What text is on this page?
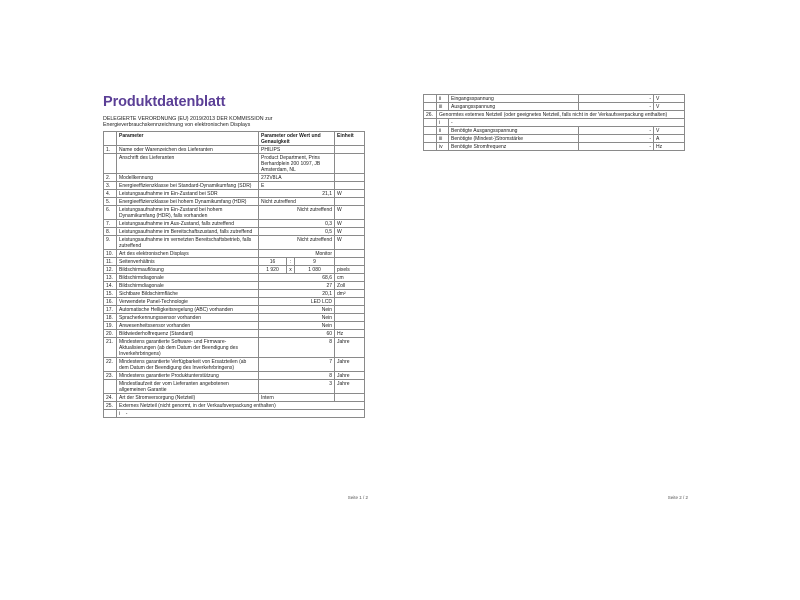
Produktdatenblatt
DELEGIERTE VERORDNUNG (EU) 2019/2013 DER KOMMISSION zur Energieverbrauchskennzeichnung von elektronischen Displays
	Parameter	Parameter oder Wert und Genauigkeit			Einheit
1.	Name oder Warenzeichen des Lieferanten	PHILIPS			
	Anschrift des Lieferanten	Product Department, Prins Berhardplein 200 1097, JB Amsterdam, NL			
2.	Modellkennung	272V8LA			
3.	Energieeffizienzklasse bei Standard-Dynamikumfang (SDR)	E			
4.	Leistungsaufnahme im Ein-Zustand bei SDR	21,1			W
5.	Energieeffizienzklasse bei hohem Dynamikumfang (HDR)	Nicht zutreffend			
6.	Leistungsaufnahme im Ein-Zustand bei hohem Dynamikumfang (HDR), falls vorhanden	Nicht zutreffend			W
7.	Leistungsaufnahme im Aus-Zustand, falls zutreffend	0,3			W
8.	Leistungsaufnahme im Bereitschaftszustand, falls zutreffend	0,5			W
9.	Leistungsaufnahme im vernetzten Bereitschaftsbetrieb, falls zutreffend	Nicht zutreffend			W
10.	Art des elektronischen Displays	Monitor			
11.	Seitenverhältnis	16	:	9	
12.	Bildschirmauflösung	1 920	x	1 080	pixels
13.	Bildschirmdiagonale	68,6			cm
14.	Bildschirmdiagonale	27			Zoll
15.	Sichtbare Bildschirmfläche	20,1			dm²
16.	Verwendete Panel-Technologie	LED LCD			
17.	Automatische Helligkeitsregelung (ABC) vorhanden	Nein			
18.	Spracherkennungssensor vorhanden	Nein			
19.	Anwesenheitssensor vorhanden	Nein			
20.	Bildwiederholfrequenz (Standard)	60			Hz
21.	Mindestens garantierte Software- und Firmware-Aktualisierungen (ab dem Datum der Beendigung des Inverkehrbringens)	8			Jahre
22.	Mindestens garantierte Verfügbarkeit von Ersatzteilen (ab dem Datum der Beendigung des Inverkehrbringens)	7			Jahre
23.	Mindestens garantierte Produktunterstützung	8			Jahre
	Mindestlaufzeit der vom Lieferanten angebotenen allgemeinen Garantie	3			Jahre
24.	Art der Stromversorgung (Netzteil)	Intern			
25.	Externes Netzteil (nicht genormt, in der Verkaufsverpackung enthalten)				
	i -				
Seite 1 / 2
	ii	Eingangsspannung	-	V
	iii	Ausgangsspannung	-	V
26.	Genormtes externes Netzteil (oder geeignetes Netzteil, falls nicht in der Verkaufsverpackung enthalten)			
	i	-		
	ii	Benötigte Ausgangsspannung	-	V
	iii	Benötigte (Mindest-)Stromstärke	-	A
	iv	Benötigte Stromfrequenz	-	Hz
Seite 2 / 2
